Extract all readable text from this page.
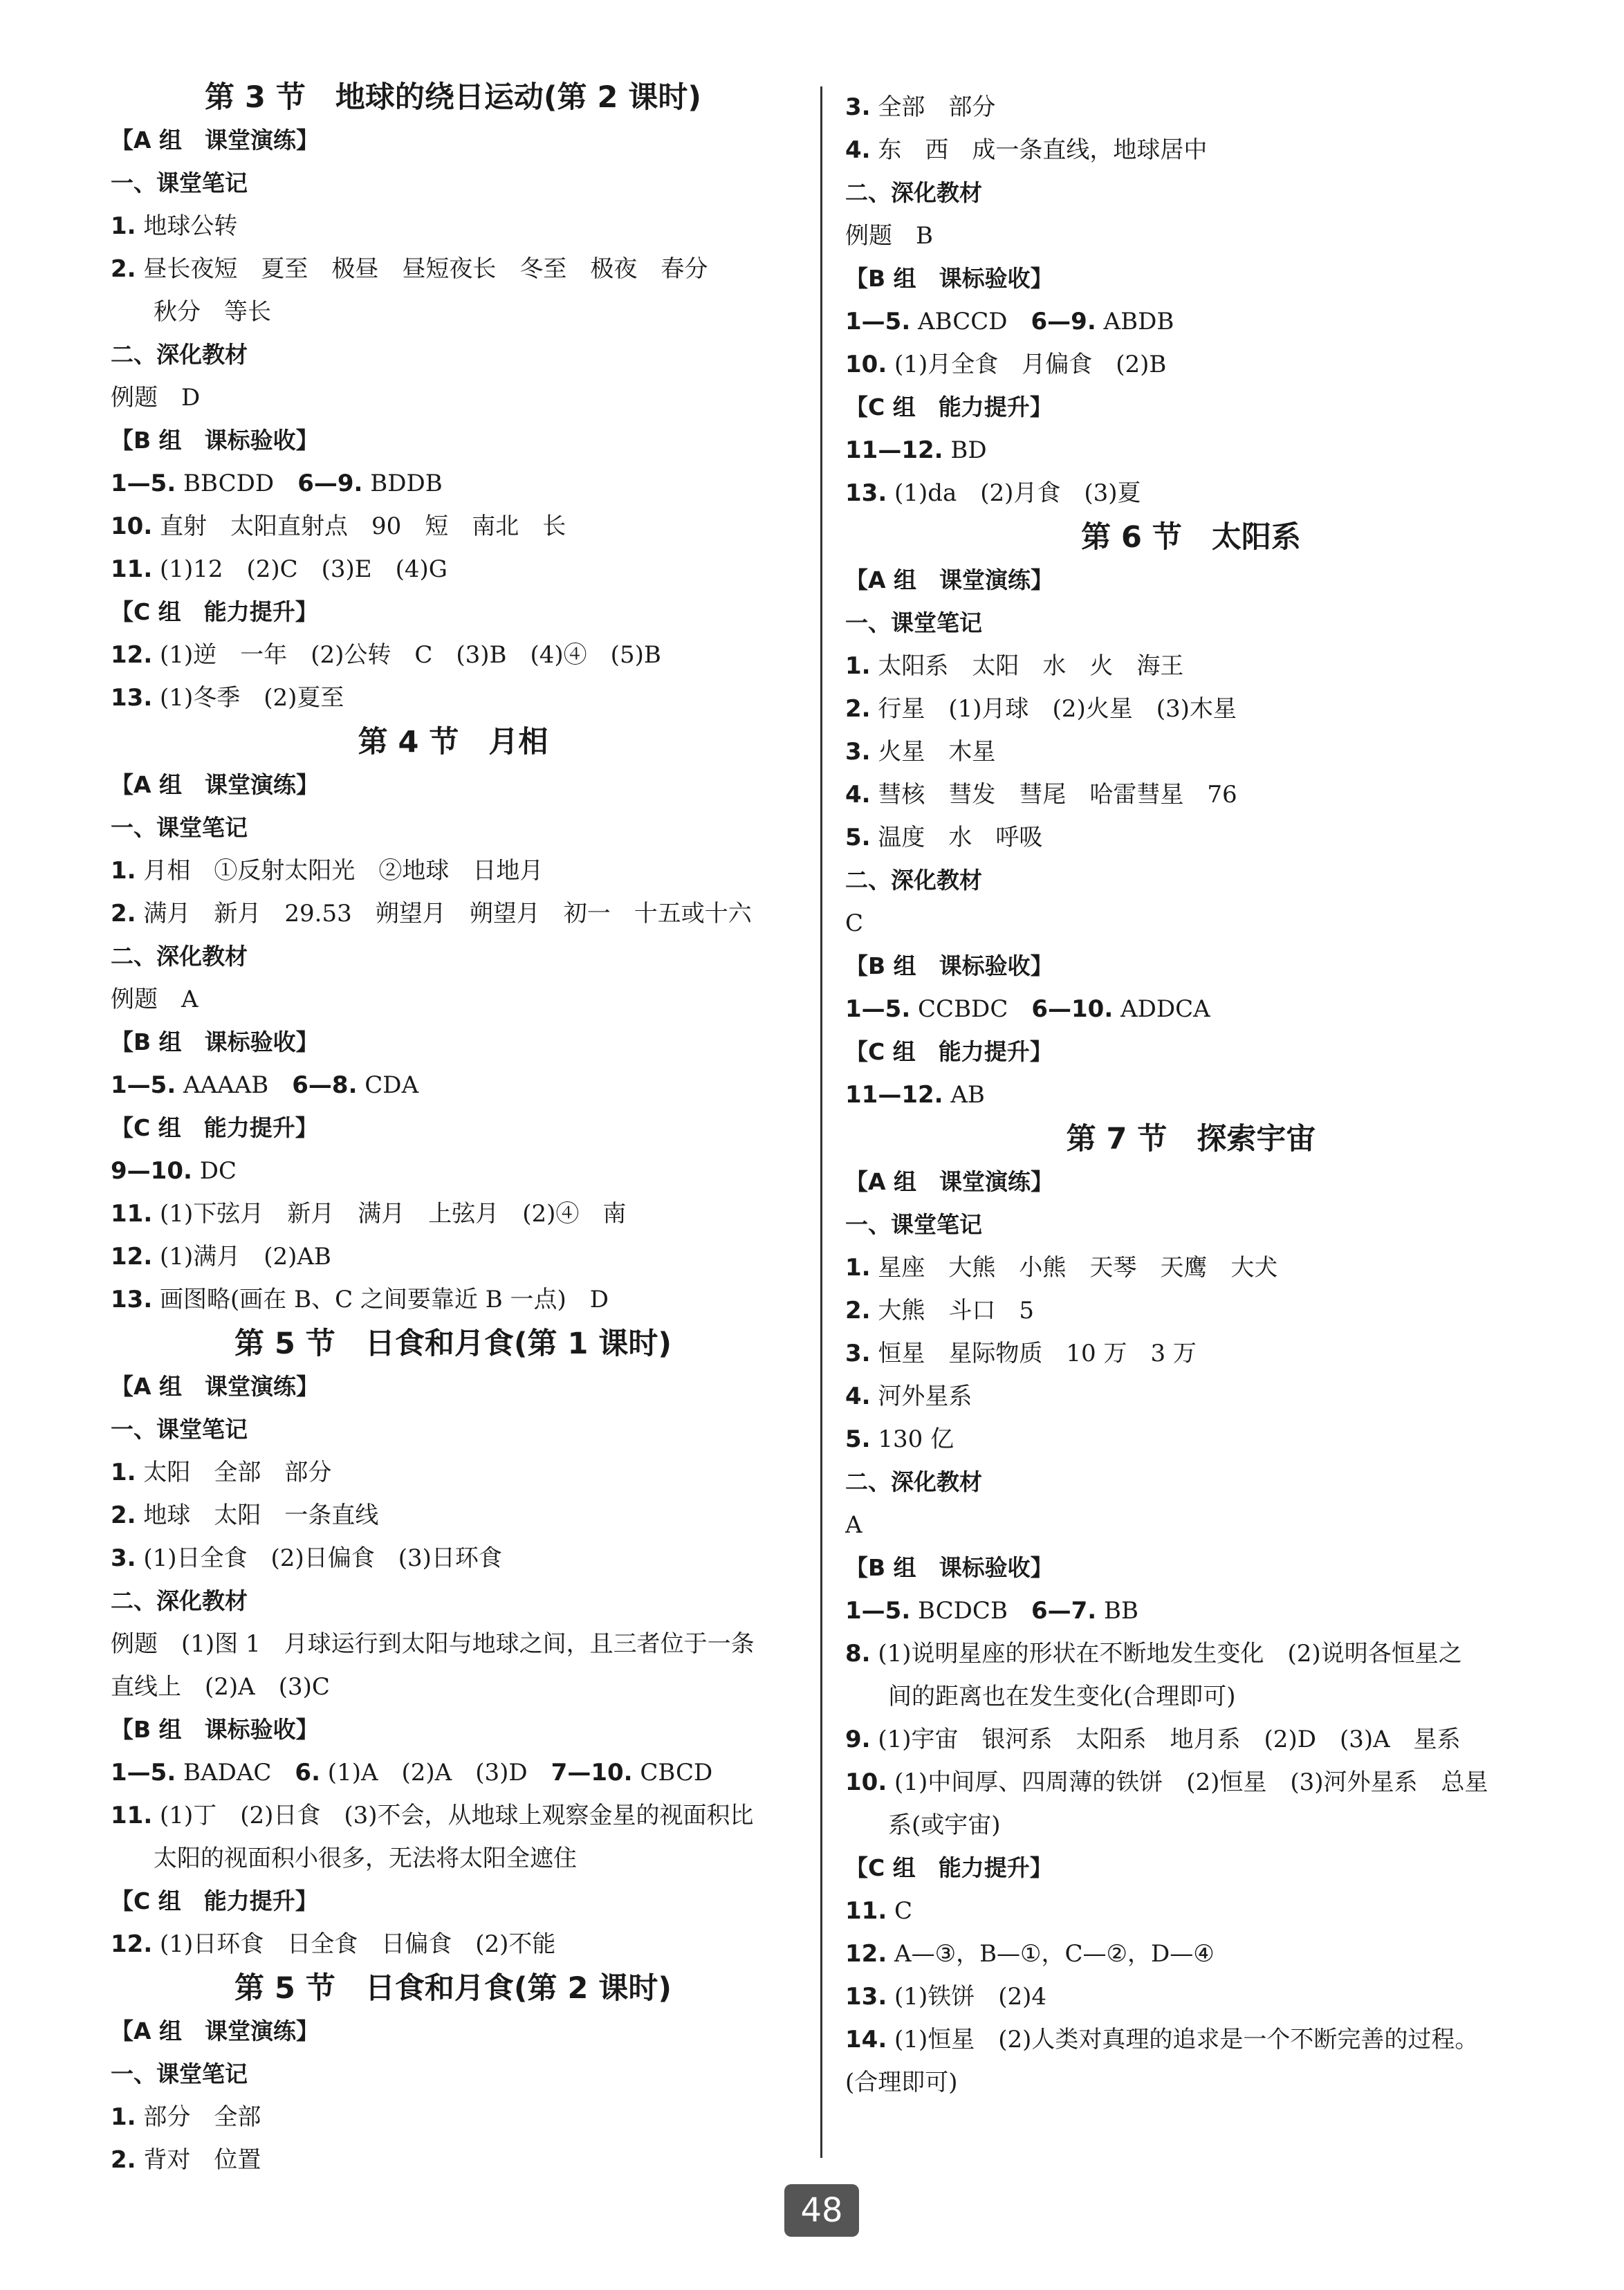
第 3 节　地球的绕日运动(第 2 课时)
【A 组　课堂演练】
一、课堂笔记
1. 地球公转
2. 昼长夜短　夏至　极昼　昼短夜长　冬至　极夜　春分
秋分　等长
二、深化教材
例题　D
【B 组　课标验收】
1—5. BBCDD　6—9. BDDB
10. 直射　太阳直射点　90　短　南北　长
11. (1)12　(2)C　(3)E　(4)G
【C 组　能力提升】
12. (1)逆　一年　(2)公转　C　(3)B　(4)④　(5)B
13. (1)冬季　(2)夏至
第 4 节　月相
【A 组　课堂演练】
一、课堂笔记
1. 月相　①反射太阳光　②地球　日地月
2. 满月　新月　29.53　朔望月　朔望月　初一　十五或十六
二、深化教材
例题　A
【B 组　课标验收】
1—5. AAAAB　6—8. CDA
【C 组　能力提升】
9—10. DC
11. (1)下弦月　新月　满月　上弦月　(2)④　南
12. (1)满月　(2)AB
13. 画图略(画在 B、C 之间要靠近 B 一点)　D
第 5 节　日食和月食(第 1 课时)
【A 组　课堂演练】
一、课堂笔记
1. 太阳　全部　部分
2. 地球　太阳　一条直线
3. (1)日全食　(2)日偏食　(3)日环食
二、深化教材
例题　(1)图 1　月球运行到太阳与地球之间，且三者位于一条
直线上　(2)A　(3)C
【B 组　课标验收】
1—5. BADAC　6. (1)A　(2)A　(3)D　7—10. CBCD
11. (1)丁　(2)日食　(3)不会，从地球上观察金星的视面积比
太阳的视面积小很多，无法将太阳全遮住
【C 组　能力提升】
12. (1)日环食　日全食　日偏食　(2)不能
第 5 节　日食和月食(第 2 课时)
【A 组　课堂演练】
一、课堂笔记
1. 部分　全部
2. 背对　位置
3. 全部　部分
4. 东　西　成一条直线，地球居中
二、深化教材
例题　B
【B 组　课标验收】
1—5. ABCCD　6—9. ABDB
10. (1)月全食　月偏食　(2)B
【C 组　能力提升】
11—12. BD
13. (1)da　(2)月食　(3)夏
第 6 节　太阳系
【A 组　课堂演练】
一、课堂笔记
1. 太阳系　太阳　水　火　海王
2. 行星　(1)月球　(2)火星　(3)木星
3. 火星　木星
4. 彗核　彗发　彗尾　哈雷彗星　76
5. 温度　水　呼吸
二、深化教材
C
【B 组　课标验收】
1—5. CCBDC　6—10. ADDCA
【C 组　能力提升】
11—12. AB
第 7 节　探索宇宙
【A 组　课堂演练】
一、课堂笔记
1. 星座　大熊　小熊　天琴　天鹰　大犬
2. 大熊　斗口　5
3. 恒星　星际物质　10 万　3 万
4. 河外星系
5. 130 亿
二、深化教材
A
【B 组　课标验收】
1—5. BCDCB　6—7. BB
8. (1)说明星座的形状在不断地发生变化　(2)说明各恒星之
间的距离也在发生变化(合理即可)
9. (1)宇宙　银河系　太阳系　地月系　(2)D　(3)A　星系
10. (1)中间厚、四周薄的铁饼　(2)恒星　(3)河外星系　总星
系(或宇宙)
【C 组　能力提升】
11. C
12. A—③，B—①，C—②，D—④
13. (1)铁饼　(2)4
14. (1)恒星　(2)人类对真理的追求是一个不断完善的过程。
(合理即可)
48
